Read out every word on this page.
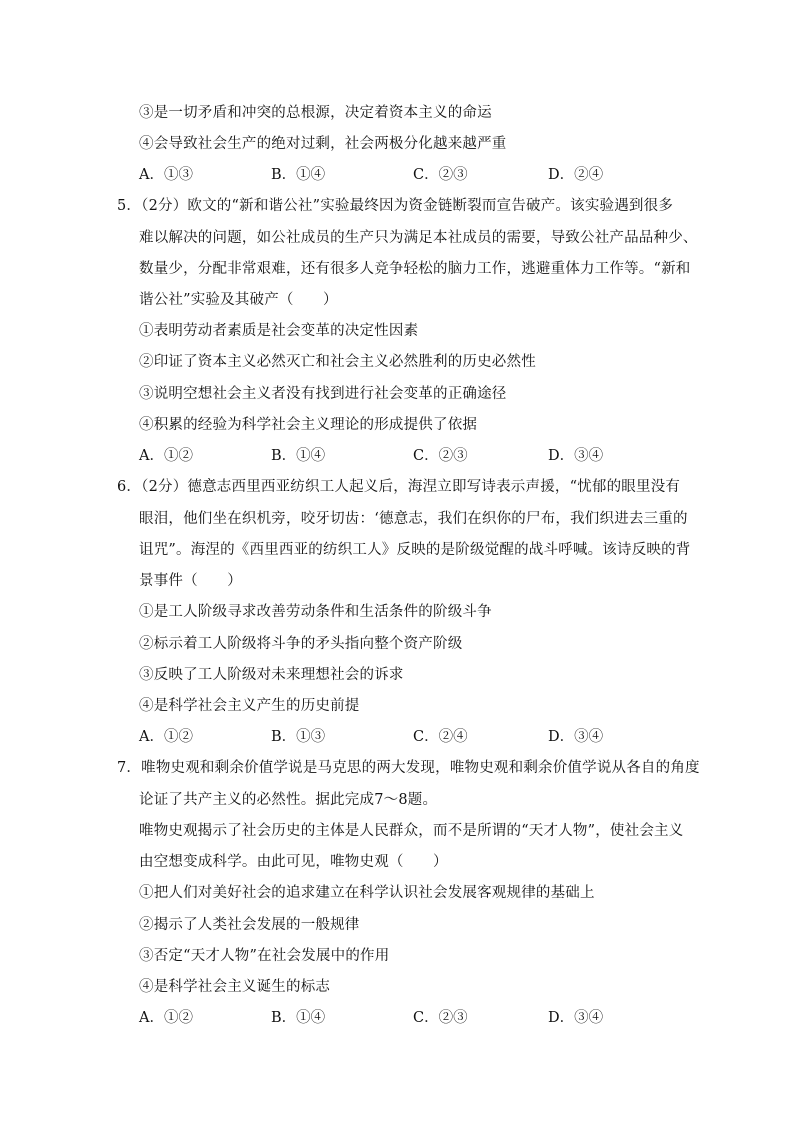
③是一切矛盾和冲突的总根源，决定着资本主义的命运
④会导致社会生产的绝对过剩，社会两极分化越来越严重
A．①③	B．①④	C．②③	D．②④
5．（2分）欧文的“新和谐公社”实验最终因为资金链断裂而宣告破产。该实验遇到很多
难以解决的问题，如公社成员的生产只为满足本社成员的需要，导致公社产品品种少、
数量少，分配非常艰难，还有很多人竞争轻松的脑力工作，逃避重体力工作等。“新和
谐公社”实验及其破产（　　）
①表明劳动者素质是社会变革的决定性因素
②印证了资本主义必然灭亡和社会主义必然胜利的历史必然性
③说明空想社会主义者没有找到进行社会变革的正确途径
④积累的经验为科学社会主义理论的形成提供了依据
A．①②	B．①④	C．②③	D．③④
6．（2分）德意志西里西亚纺织工人起义后，海涅立即写诗表示声援，“忧郁的眼里没有
眼泪，他们坐在织机旁，咬牙切齿：‘德意志，我们在织你的尸布，我们织进去三重的
诅咒”。海涅的《西里西亚的纺织工人》反映的是阶级觉醒的战斗呼喊。该诗反映的背
景事件（　　）
①是工人阶级寻求改善劳动条件和生活条件的阶级斗争
②标示着工人阶级将斗争的矛头指向整个资产阶级
③反映了工人阶级对未来理想社会的诉求
④是科学社会主义产生的历史前提
A．①②	B．①③	C．②④	D．③④
7．唯物史观和剩余价值学说是马克思的两大发现，唯物史观和剩余价值学说从各自的角度
论证了共产主义的必然性。据此完成7～8题。
唯物史观揭示了社会历史的主体是人民群众，而不是所谓的“天才人物”，使社会主义
由空想变成科学。由此可见，唯物史观（　　）
①把人们对美好社会的追求建立在科学认识社会发展客观规律的基础上
②揭示了人类社会发展的一般规律
③否定“天才人物”在社会发展中的作用
④是科学社会主义诞生的标志
A．①②	B．①④	C．②③	D．③④
